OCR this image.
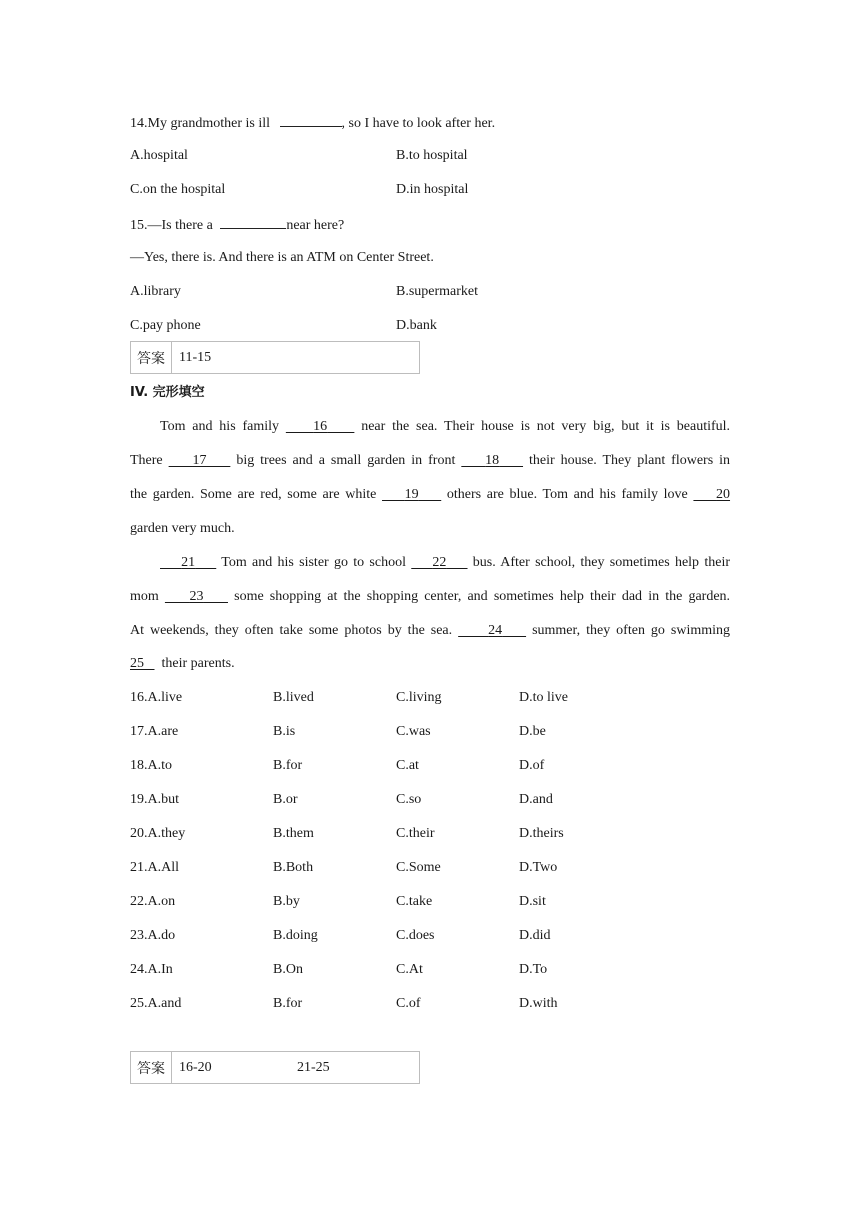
14.My grandmother is ill	, so I have to look after her.
A.hospital	B.to hospital
C.on the hospital	D.in hospital
15.—Is there a	near here?
—Yes, there is. And there is an ATM on Center Street.
A.library	B.supermarket
C.pay phone	D.bank
答案	11-15
IV. 完形填空
Tom and his family 16 near the sea. Their house is not very big, but it is beautiful.
There 17 big trees and a small garden in front 18 their house. They plant flowers in
the garden. Some are red, some are white 19 others are blue. Tom and his family love 20
garden very much.
21 Tom and his sister go to school 22 bus. After school, they sometimes help their
mom 23 some shopping at the shopping center, and sometimes help their dad in the garden.
At weekends, they often take some photos by the sea.	24 summer, they often go swimming
25 their parents.
16.A.live	B.lived	C.living	D.to live
17.A.are	B.is	C.was	D.be
18.A.to	B.for	C.at	D.of
19.A.but	B.or	C.so	D.and
20.A.they	B.them	C.their	D.theirs
21.A.All	B.Both	C.Some	D.Two
22.A.on	B.by	C.take	D.sit
23.A.do	B.doing	C.does	D.did
24.A.In	B.On	C.At	D.To
25.A.and	B.for	C.of	D.with
答案	16-20	21-25
